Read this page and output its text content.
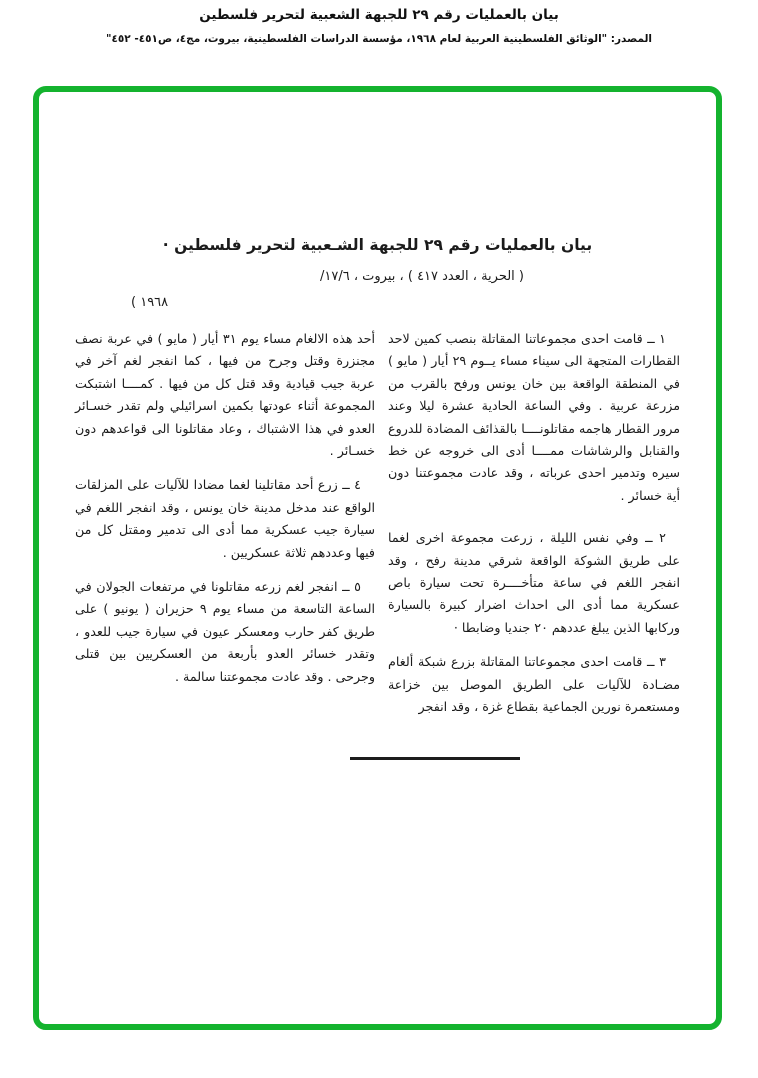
بيان بالعمليات رقم ٢٩ للجبهة الشعبية لتحرير فلسطين
المصدر: "الوثائق الفلسطينية العربية لعام ١٩٦٨، مؤسسة الدراسات الفلسطينية، بيروت، مج٤، ص٤٥١- ٤٥٢"
بيان بالعمليات رقم ٢٩ للجبهة الشـعبية لتحرير فلسطين ·
( الحرية ، العدد ٤١٧ ) ، بيروت ، ١٧/٦/
١٩٦٨ )

١ ــ قامت احدى مجموعاتنا المقاتلة بنصب كمين لاحد القطارات المتجهة الى سيناء مساء يــوم ٢٩ أيار ( مايو ) في المنطقة الواقعة بين خان يونس ورفح بالقرب من مزرعة عربية . وفي الساعة الحادية عشرة ليلا وعند مرور القطار هاجمه مقاتلونــــا بالقذائف المضادة للدروع والقنابل والرشاشات ممــــا أدى الى خروجه عن خط سيره وتدمير احدى عرباته ، وقد عادت مجموعتنا دون أية خسائر .

٢ ــ وفي نفس الليلة ، زرعت مجموعة اخرى لغما على طريق الشوكة الواقعة شرقي مدينة رفح ، وقد انفجر اللغم في ساعة متأخــــرة تحت سيارة باص عسكرية مما أدى الى احداث اضرار كبيرة بالسيارة وركابها الذين يبلغ عددهم ٢٠ جنديا وضابطا ·

٣ ــ قامت احدى مجموعاتنا المقاتلة بزرع شبكة ألغام مضـادة للآليات على الطريق الموصل بين خزاعة ومستعمرة نورين الجماعية بقطاع غزة ، وقد انفجر

أحد هذه الالغام مساء يوم ٣١ أيار ( مايو ) في عربة نصف مجنزرة وقتل وجرح من فيها ، كما انفجر لغم آخر في عربة جيب قيادية وقد قتل كل من فيها . كمــــا اشتبكت المجموعة أثناء عودتها بكمين اسرائيلي ولم تقدر خسـائر العدو في هذا الاشتباك ، وعاد مقاتلونا الى قواعدهم دون خسـائر .

٤ ــ زرع أحد مقاتلينا لغما مضادا للآليات على المزلقات الواقع عند مدخل مدينة خان يونس ، وقد انفجر اللغم في سيارة جيب عسكرية مما أدى الى تدمير ومقتل كل من فيها وعددهم ثلاثة عسكريين .

٥ ــ انفجر لغم زرعه مقاتلونا في مرتفعات الجولان في الساعة التاسعة من مساء يوم ٩ حزيران ( يونيو ) على طريق كفر حارب ومعسكر عيون في سيارة جيب للعدو ، وتقدر خسائر العدو بأربعة من العسكريين بين قتلى وجرحى . وقد عادت مجموعتنا سالمة .
